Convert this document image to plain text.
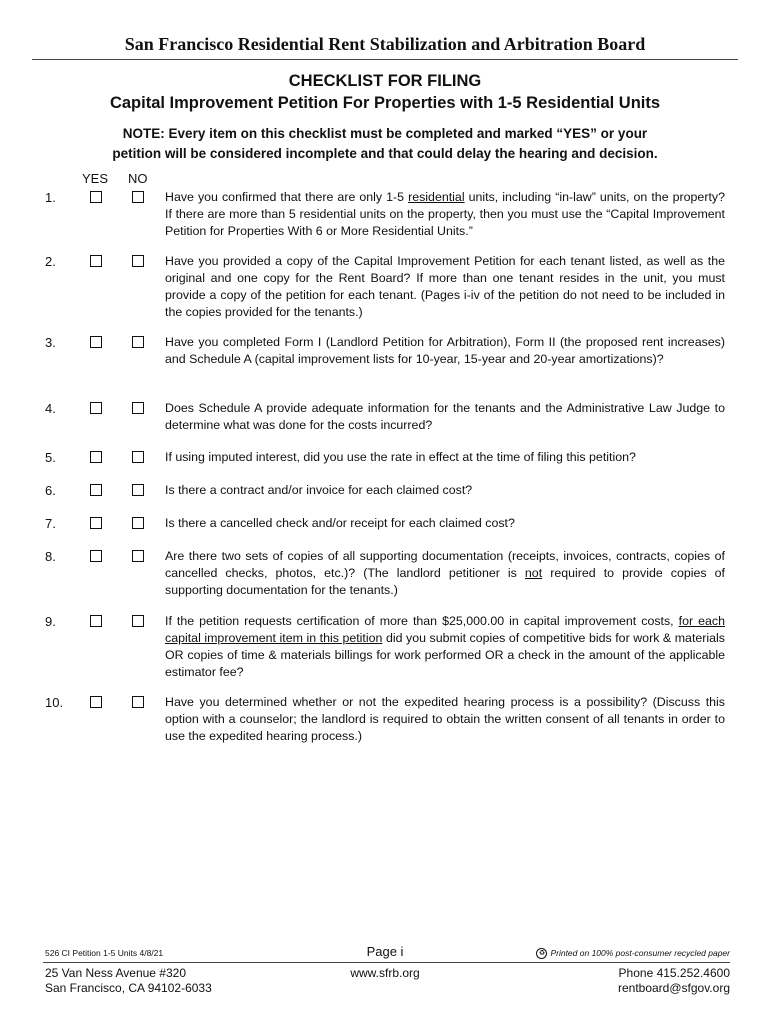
San Francisco Residential Rent Stabilization and Arbitration Board
CHECKLIST FOR FILING
Capital Improvement Petition For Properties with 1-5 Residential Units
NOTE: Every item on this checklist must be completed and marked “YES” or your
petition will be considered incomplete and that could delay the hearing and decision.
YES NO
1.	Have you confirmed that there are only 1-5 residential units, including “in-law” units, on the property? If there are more than 5 residential units on the property, then you must use the “Capital Improvement Petition for Properties With 6 or More Residential Units.”
2.	Have you provided a copy of the Capital Improvement Petition for each tenant listed, as well as the original and one copy for the Rent Board? If more than one tenant resides in the unit, you must provide a copy of the petition for each tenant. (Pages i-iv of the petition do not need to be included in the copies provided for the tenants.)
3.	Have you completed Form I (Landlord Petition for Arbitration), Form II (the proposed rent increases) and Schedule A (capital improvement lists for 10-year, 15-year and 20-year amortizations)?
4.	Does Schedule A provide adequate information for the tenants and the Administrative Law Judge to determine what was done for the costs incurred?
5.	If using imputed interest, did you use the rate in effect at the time of filing this petition?
6.	Is there a contract and/or invoice for each claimed cost?
7.	Is there a cancelled check and/or receipt for each claimed cost?
8.	Are there two sets of copies of all supporting documentation (receipts, invoices, contracts, copies of cancelled checks, photos, etc.)? (The landlord petitioner is not required to provide copies of supporting documentation for the tenants.)
9.	If the petition requests certification of more than $25,000.00 in capital improvement costs, for each capital improvement item in this petition did you submit copies of competitive bids for work & materials OR copies of time & materials billings for work performed OR a check in the amount of the applicable estimator fee?
10.	Have you determined whether or not the expedited hearing process is a possibility? (Discuss this option with a counselor; the landlord is required to obtain the written consent of all tenants in order to use the expedited hearing process.)
526 CI Petition 1-5 Units 4/8/21	Page i	♻ Printed on 100% post-consumer recycled paper
25 Van Ness Avenue #320
San Francisco, CA 94102-6033
www.sfrb.org	Phone 415.252.4600
rentboard@sfgov.org
